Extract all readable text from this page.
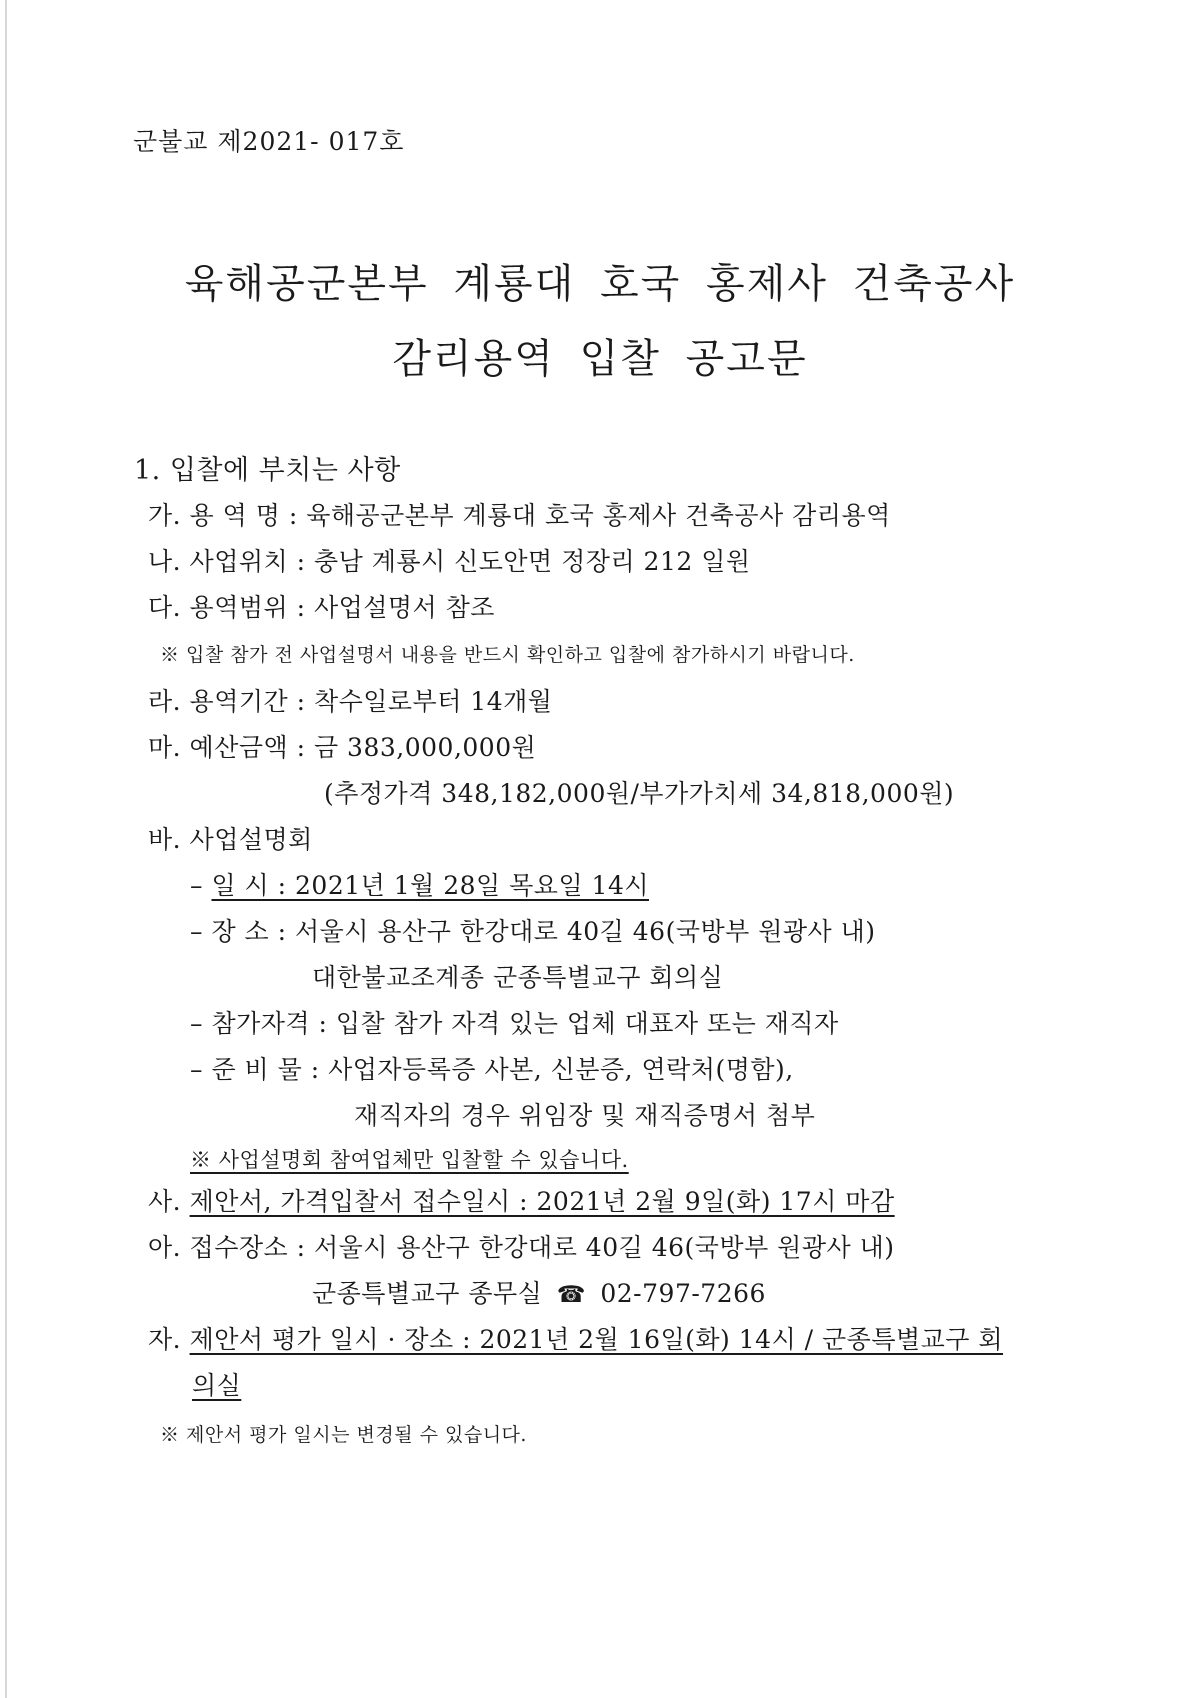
군불교 제2021- 017호
육해공군본부 계룡대 호국 홍제사 건축공사
감리용역 입찰 공고문
1. 입찰에 부치는 사항
가. 용 역 명 : 육해공군본부 계룡대 호국 홍제사 건축공사 감리용역
나. 사업위치 : 충남 계룡시 신도안면 정장리 212 일원
다. 용역범위 : 사업설명서 참조
※ 입찰 참가 전 사업설명서 내용을 반드시 확인하고 입찰에 참가하시기 바랍니다.
라. 용역기간 : 착수일로부터 14개월
마. 예산금액 : 금 383,000,000원
(추정가격 348,182,000원/부가가치세 34,818,000원)
바. 사업설명회
– 일 시 : 2021년 1월 28일 목요일 14시
– 장 소 : 서울시 용산구 한강대로 40길 46(국방부 원광사 내)
대한불교조계종 군종특별교구 회의실
– 참가자격 : 입찰 참가 자격 있는 업체 대표자 또는 재직자
– 준 비 물 : 사업자등록증 사본, 신분증, 연락처(명함),
재직자의 경우 위임장 및 재직증명서 첨부
※ 사업설명회 참여업체만 입찰할 수 있습니다.
사. 제안서, 가격입찰서 접수일시 : 2021년 2월 9일(화) 17시 마감
아. 접수장소 : 서울시 용산구 한강대로 40길 46(국방부 원광사 내)
군종특별교구 종무실 ☎ 02-797-7266
자. 제안서 평가 일시 · 장소 : 2021년 2월 16일(화) 14시 / 군종특별교구 회
의실
※ 제안서 평가 일시는 변경될 수 있습니다.
